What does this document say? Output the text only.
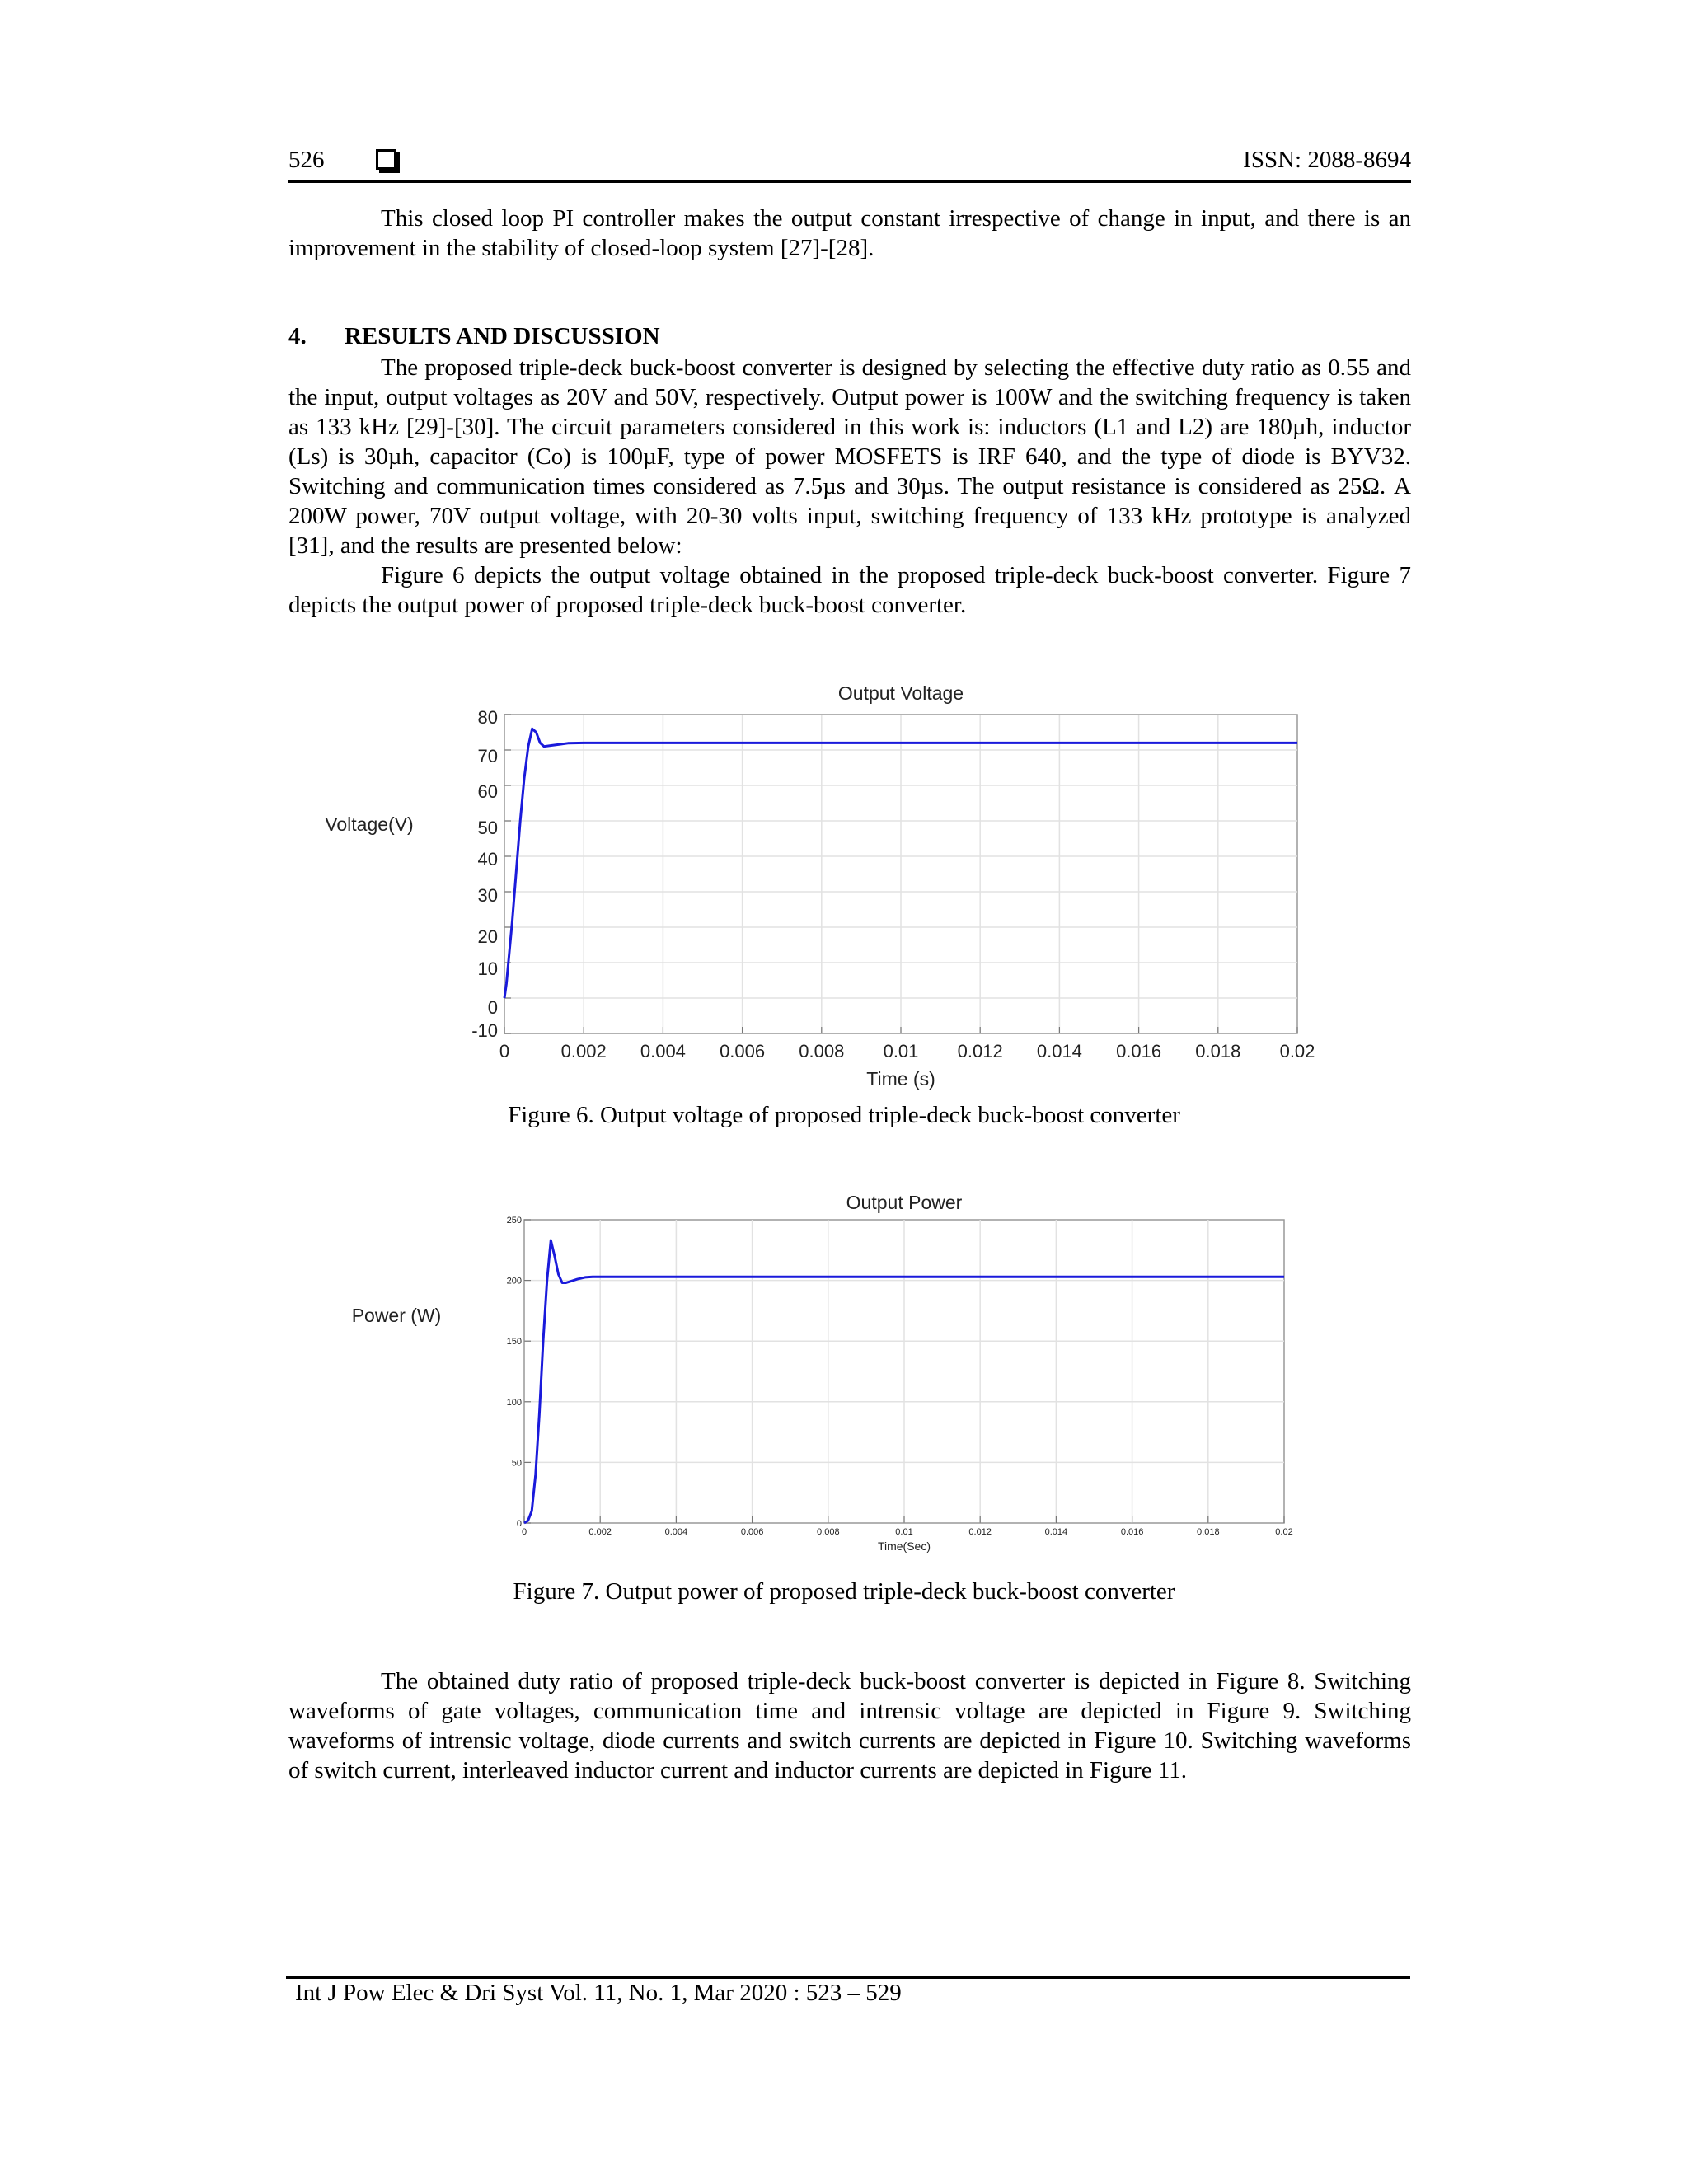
526	ISSN: 2088-8694
This closed loop PI controller makes the output constant irrespective of change in input, and there is an improvement in the stability of closed-loop system [27]-[28].
4. RESULTS AND DISCUSSION
The proposed triple-deck buck-boost converter is designed by selecting the effective duty ratio as 0.55 and the input, output voltages as 20V and 50V, respectively. Output power is 100W and the switching frequency is taken as 133 kHz [29]-[30]. The circuit parameters considered in this work is: inductors (L1 and L2) are 180µh, inductor (Ls) is 30µh, capacitor (Co) is 100µF, type of power MOSFETS is IRF 640, and the type of diode is BYV32. Switching and communication times considered as 7.5µs and 30µs. The output resistance is considered as 25Ω. A 200W power, 70V output voltage, with 20-30 volts input, switching frequency of 133 kHz prototype is analyzed [31], and the results are presented below:
Figure 6 depicts the output voltage obtained in the proposed triple-deck buck-boost converter. Figure 7 depicts the output power of proposed triple-deck buck-boost converter.
0	0.002 0.004 0.006 0.008 0.01 0.012 0.014 0.016 0.018 0.02
80
70
60
50
40
30
20
10
0
-10
Output Voltage
Time (s)
Voltage(V)
0	0.002	0.004	0.006	0.008	0.01	0.012	0.014	0.016	0.018	0.02
250
200
150
100
50
0
Output Power
Time(Sec)
Power (W)
Figure 6. Output voltage of proposed triple-deck buck-boost converter
Figure 7. Output power of proposed triple-deck buck-boost converter
The obtained duty ratio of proposed triple-deck buck-boost converter is depicted in Figure 8. Switching waveforms of gate voltages, communication time and intrensic voltage are depicted in Figure 9. Switching waveforms of intrensic voltage, diode currents and switch currents are depicted in Figure 10. Switching waveforms of switch current, interleaved inductor current and inductor currents are depicted in Figure 11.
Int J Pow Elec & Dri Syst Vol. 11, No. 1, Mar 2020 : 523 – 529
